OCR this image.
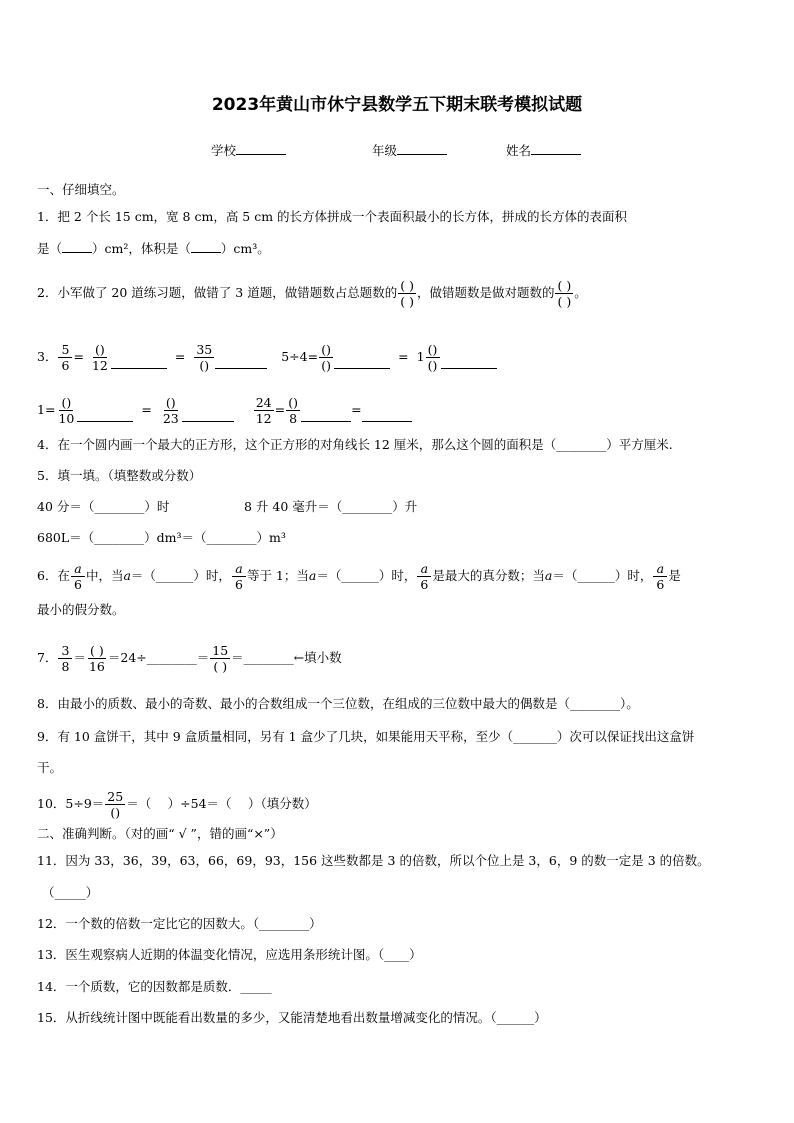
2023年黄山市休宁县数学五下期末联考模拟试题
学校	年级	姓名
一、仔细填空。
1．把 2 个长 15 cm，宽 8 cm，高 5 cm 的长方体拼成一个表面积最小的长方体，拼成的长方体的表面积
是（ ）cm²，体积是（ ）cm³。
2．小军做了 20 道练习题，做错了 3 道题，做错题数占总题数的 $\frac{( )}{( )}$ ，做错题数是做对题数的 $\frac{( )}{( )}$ 。
3． $\frac{5}{6} = \frac{()}{12}$	= $\frac{35}{()}$	$5\div 4= \frac{()}{()}$	= $1 \frac{()}{()}$
$1= \frac{()}{10}$	= $\frac{()}{23}$	$\frac{24}{12} = \frac{()}{8}$	=
4．在一个圆内画一个最大的正方形，这个正方形的对角线长 12 厘米，那么这个圆的面积是（________）平方厘米.
5．填一填。（填整数或分数）
40 分＝（________）时	8 升 40 毫升＝（________）升
680L＝（________）dm³＝（________）m³
6．在 $\frac{a}{6}$ 中，当 a ＝（______）时， $\frac{a}{6}$ 等于 1；当 a ＝（______）时， $\frac{a}{6}$ 是最大的真分数；当 a ＝（______）时， $\frac{a}{6}$ 是
最小的假分数。
7． $\frac{3}{8} = \frac{( )}{16}$ ＝24÷________＝ $\frac{15}{( )}$ ＝________←填小数
8．由最小的质数、最小的奇数、最小的合数组成一个三位数，在组成的三位数中最大的偶数是（________）。
9．有 10 盒饼干，其中 9 盒质量相同，另有 1 盒少了几块，如果能用天平称，至少（_______）次可以保证找出这盒饼
干。
10．$5\div 9= \frac{25}{()}$ ＝（　 ）÷54＝（　 ）（填分数）
二、准确判断。（对的画“ √ ”，错的画“×”）
11．因为 33，36，39，63，66，69，93，156 这些数都是 3 的倍数，所以个位上是 3，6，9 的数一定是 3 的倍数。
（_____）
12．一个数的倍数一定比它的因数大。（________）
13．医生观察病人近期的体温变化情况，应选用条形统计图。（____）
14．一个质数，它的因数都是质数．_____
15．从折线统计图中既能看出数量的多少，又能清楚地看出数量增减变化的情况。（______）
